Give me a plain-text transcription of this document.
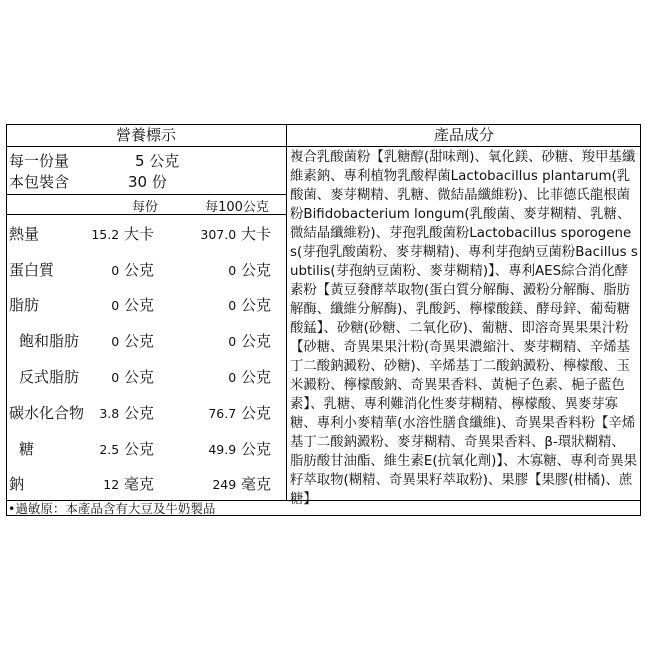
營養標示	產品成分
每一份量	5 公克
本包裝含	30 份
每份	每100公克
熱量	15.2 大卡	307.0 大卡
蛋白質	0 公克	0 公克
脂肪	0 公克	0 公克
飽和脂肪	0 公克	0 公克
反式脂肪	0 公克	0 公克
碳水化合物 3.8 公克	76.7 公克
糖	2.5 公克	49.9 公克
鈉	12 毫克	249 毫克

複合乳酸菌粉【乳糖醇(甜味劑)、氧化鎂、砂糖、羧甲基纖維素鈉、專利植物乳酸桿菌Lactobacillus plantarum(乳酸菌、麥芽糊精、乳糖、微結晶纖維粉)、比菲德氏龍根菌粉Bifidobacterium longum(乳酸菌、麥芽糊精、乳糖、微結晶纖維粉)、芽孢乳酸菌粉Lactobacillus sporogenes(芽孢乳酸菌粉、麥芽糊精)、專利芽孢納豆菌粉Bacillus subtilis(芽孢納豆菌粉、麥芽糊精)】、專利AES綜合消化酵素粉【黃豆發酵萃取物(蛋白質分解酶、澱粉分解酶、脂肪解酶、纖維分解酶)、乳酸鈣、檸檬酸鎂、酵母鋅、葡萄糖酸錳】、砂糖(砂糖、二氧化矽)、葡糖、即溶奇異果果汁粉【砂糖、奇異果果汁粉(奇異果濃縮汁、麥芽糊精、辛烯基丁二酸鈉澱粉、砂糖)、辛烯基丁二酸鈉澱粉、檸檬酸、玉米澱粉、檸檬酸鈉、奇異果香料、黃梔子色素、梔子藍色素】、乳糖、專利難消化性麥芽糊精、檸檬酸、異麥芽寡糖、專利小麥精華(水溶性膳食纖維)、奇異果香料粉【辛烯基丁二酸鈉澱粉、麥芽糊精、奇異果香料、β-環狀糊精、脂肪酸甘油酯、維生素E(抗氧化劑)】、木寡糖、專利奇異果籽萃取物(糊精、奇異果籽萃取粉)、果膠【果膠(柑橘)、蔗糖】

•過敏原：本產品含有大豆及牛奶製品
